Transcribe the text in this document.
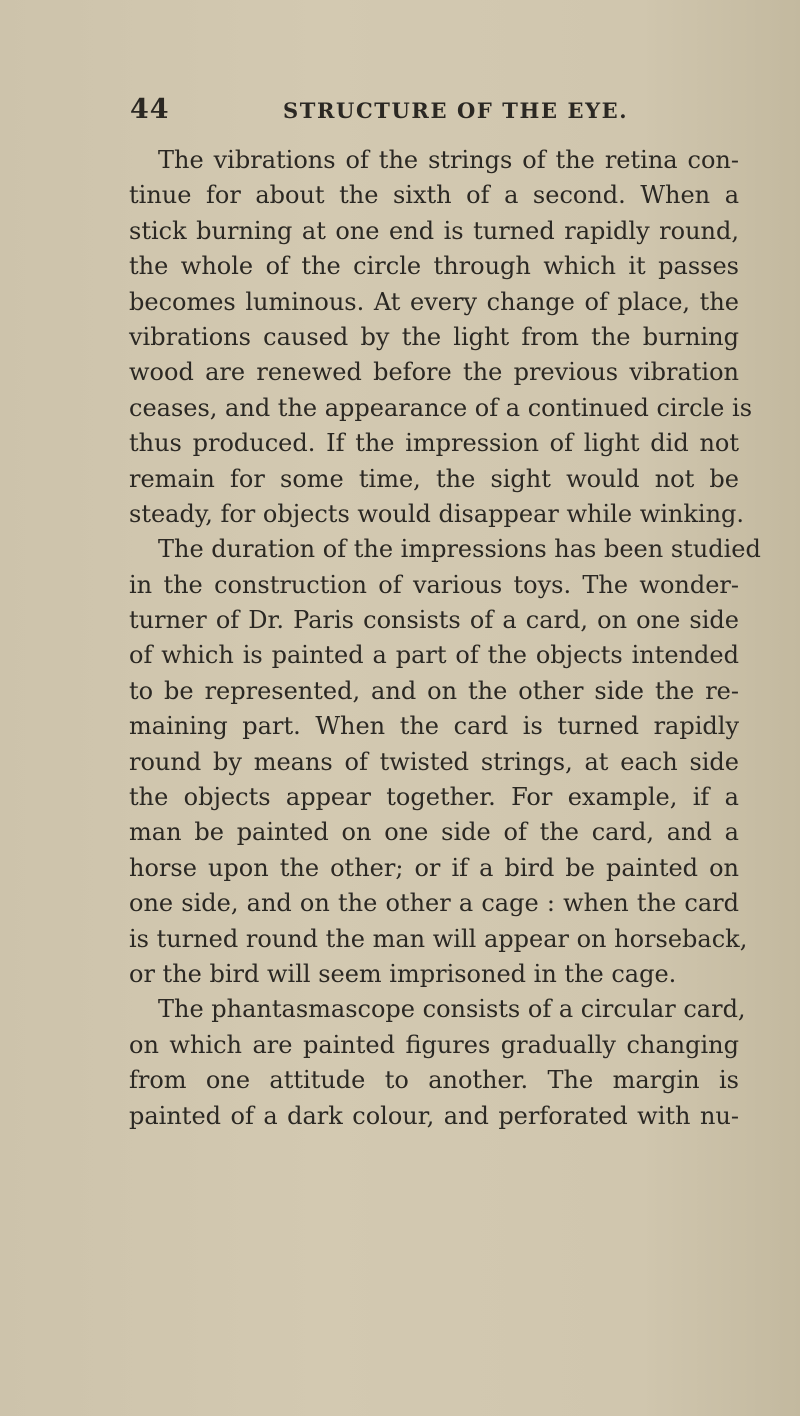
44	STRUCTURE OF THE EYE.
The vibrations of the strings of the retina con-
tinue for about the sixth of a second. When a
stick burning at one end is turned rapidly round,
the whole of the circle through which it passes
becomes luminous. At every change of place, the
vibrations caused by the light from the burning
wood are renewed before the previous vibration
ceases, and the appearance of a continued circle is
thus produced. If the impression of light did not
remain for some time, the sight would not be
steady, for objects would disappear while winking.
The duration of the impressions has been studied
in the construction of various toys. The wonder-
turner of Dr. Paris consists of a card, on one side
of which is painted a part of the objects intended
to be represented, and on the other side the re-
maining part. When the card is turned rapidly
round by means of twisted strings, at each side
the objects appear together. For example, if a
man be painted on one side of the card, and a
horse upon the other; or if a bird be painted on
one side, and on the other a cage : when the card
is turned round the man will appear on horseback,
or the bird will seem imprisoned in the cage.
The phantasmascope consists of a circular card,
on which are painted figures gradually changing
from one attitude to another. The margin is
painted of a dark colour, and perforated with nu-
